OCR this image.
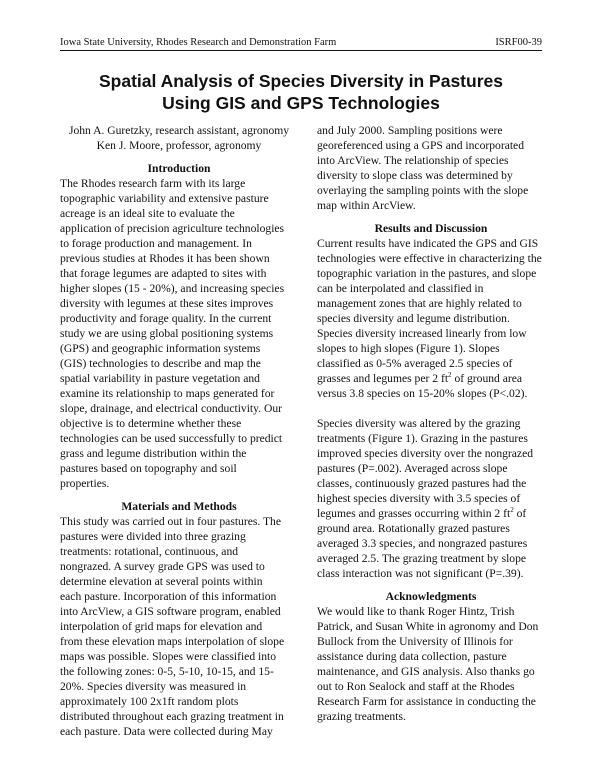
Iowa State University, Rhodes Research and Demonstration Farm	ISRF00-39
Spatial Analysis of Species Diversity in Pastures
Using GIS and GPS Technologies
John A. Guretzky, research assistant, agronomy
Ken J. Moore, professor, agronomy
Introduction
The Rhodes research farm with its large
topographic variability and extensive pasture
acreage is an ideal site to evaluate the
application of precision agriculture technologies
to forage production and management. In
previous studies at Rhodes it has been shown
that forage legumes are adapted to sites with
higher slopes (15 - 20%), and increasing species
diversity with legumes at these sites improves
productivity and forage quality. In the current
study we are using global positioning systems
(GPS) and geographic information systems
(GIS) technologies to describe and map the
spatial variability in pasture vegetation and
examine its relationship to maps generated for
slope, drainage, and electrical conductivity. Our
objective is to determine whether these
technologies can be used successfully to predict
grass and legume distribution within the
pastures based on topography and soil
properties.
Materials and Methods
This study was carried out in four pastures. The
pastures were divided into three grazing
treatments: rotational, continuous, and
nongrazed. A survey grade GPS was used to
determine elevation at several points within
each pasture. Incorporation of this information
into ArcView, a GIS software program, enabled
interpolation of grid maps for elevation and
from these elevation maps interpolation of slope
maps was possible. Slopes were classified into
the following zones: 0-5, 5-10, 10-15, and 15-
20%. Species diversity was measured in
approximately 100 2x1ft random plots
distributed throughout each grazing treatment in
each pasture. Data were collected during May
and July 2000. Sampling positions were
georeferenced using a GPS and incorporated
into ArcView. The relationship of species
diversity to slope class was determined by
overlaying the sampling points with the slope
map within ArcView.
Results and Discussion
Current results have indicated the GPS and GIS
technologies were effective in characterizing the
topographic variation in the pastures, and slope
can be interpolated and classified in
management zones that are highly related to
species diversity and legume distribution.
Species diversity increased linearly from low
slopes to high slopes (Figure 1). Slopes
classified as 0-5% averaged 2.5 species of
grasses and legumes per 2 $ft^2$ of ground area
versus 3.8 species on 15-20% slopes (P<.02).
Species diversity was altered by the grazing
treatments (Figure 1). Grazing in the pastures
improved species diversity over the nongrazed
pastures (P=.002). Averaged across slope
classes, continuously grazed pastures had the
highest species diversity with 3.5 species of
legumes and grasses occurring within 2 $ft^2$ of
ground area. Rotationally grazed pastures
averaged 3.3 species, and nongrazed pastures
averaged 2.5. The grazing treatment by slope
class interaction was not significant (P=.39).
Acknowledgments
We would like to thank Roger Hintz, Trish
Patrick, and Susan White in agronomy and Don
Bullock from the University of Illinois for
assistance during data collection, pasture
maintenance, and GIS analysis. Also thanks go
out to Ron Sealock and staff at the Rhodes
Research Farm for assistance in conducting the
grazing treatments.
